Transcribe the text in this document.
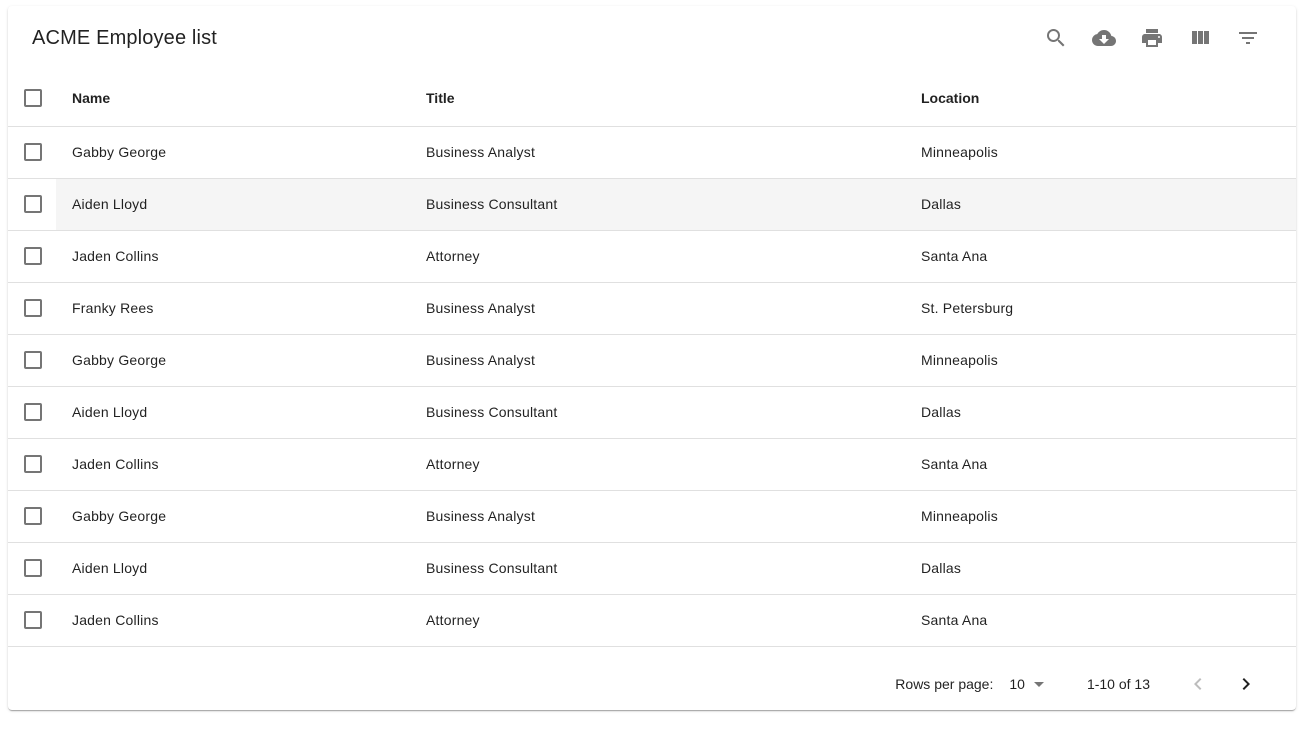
ACME Employee list
	Name	Title	Location

	Gabby George	Business Analyst	Minneapolis

	Aiden Lloyd	Business Consultant	Dallas

	Jaden Collins	Attorney	Santa Ana

	Franky Rees	Business Analyst	St. Petersburg

	Gabby George	Business Analyst	Minneapolis

	Aiden Lloyd	Business Consultant	Dallas

	Jaden Collins	Attorney	Santa Ana

	Gabby George	Business Analyst	Minneapolis

	Aiden Lloyd	Business Consultant	Dallas

	Jaden Collins	Attorney	Santa Ana
Rows per page: 10	1-10 of 13
